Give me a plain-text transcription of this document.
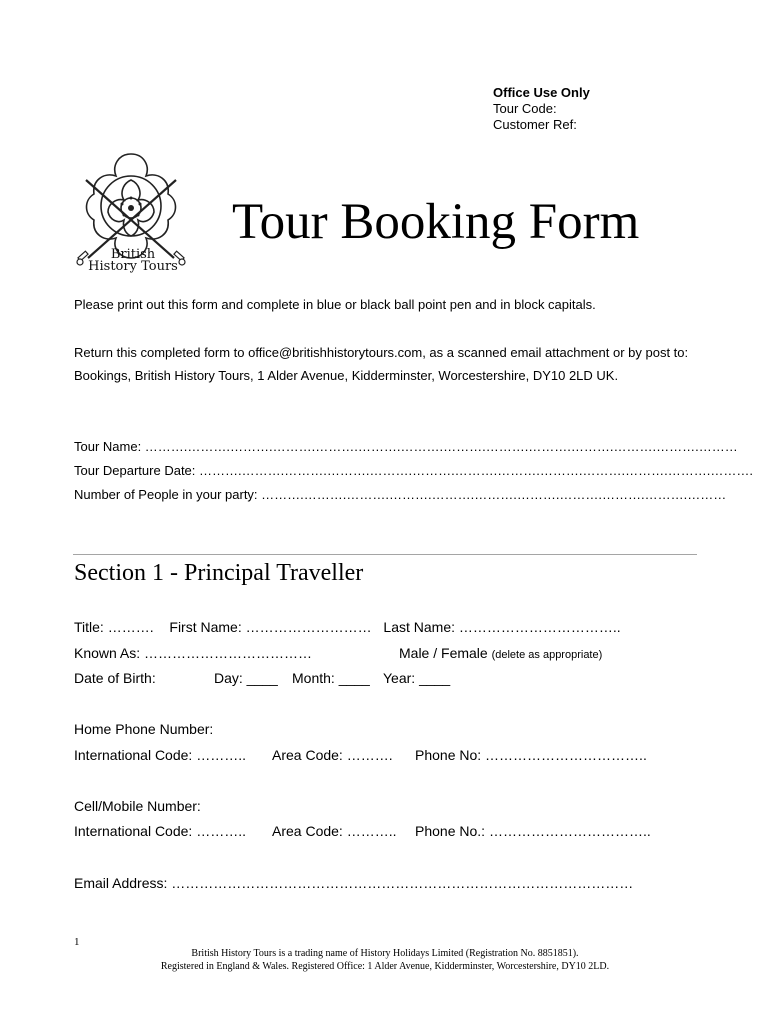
Office Use Only
Tour Code:
Customer Ref:
British
History Tours
Tour Booking Form
Please print out this form and complete in blue or black ball point pen and in block capitals.
Return this completed form to office@britishhistorytours.com, as a scanned email attachment or by post to: Bookings, British History Tours, 1 Alder Avenue, Kidderminster, Worcestershire, DY10 2LD UK.
Tour Name: ……….……….……….……….……….……….……….……….……….……….……….……….……….………
Tour Departure Date: ……….……….……….……….……….……….……….……….……….……….……….……….……….
Number of People in your party: ……….……….……….……….……….……….……….……….……….……….………
Section 1 - Principal Traveller
Title: ………. First Name: ……………………… Last Name: ……………………………..
Known As: ………………………………	Male / Female (delete as appropriate)
Date of Birth:	Day: ____ Month: ____ Year: ____
Home Phone Number:
International Code: ……….. Area Code: ………. Phone No: ……………………………..
Cell/Mobile Number:
International Code: ……….. Area Code: ……….. Phone No.: ……………………………..
Email Address: ………………………………………………………………………………………
1
British History Tours is a trading name of History Holidays Limited (Registration No. 8851851).
Registered in England & Wales. Registered Office: 1 Alder Avenue, Kidderminster, Worcestershire, DY10 2LD.
